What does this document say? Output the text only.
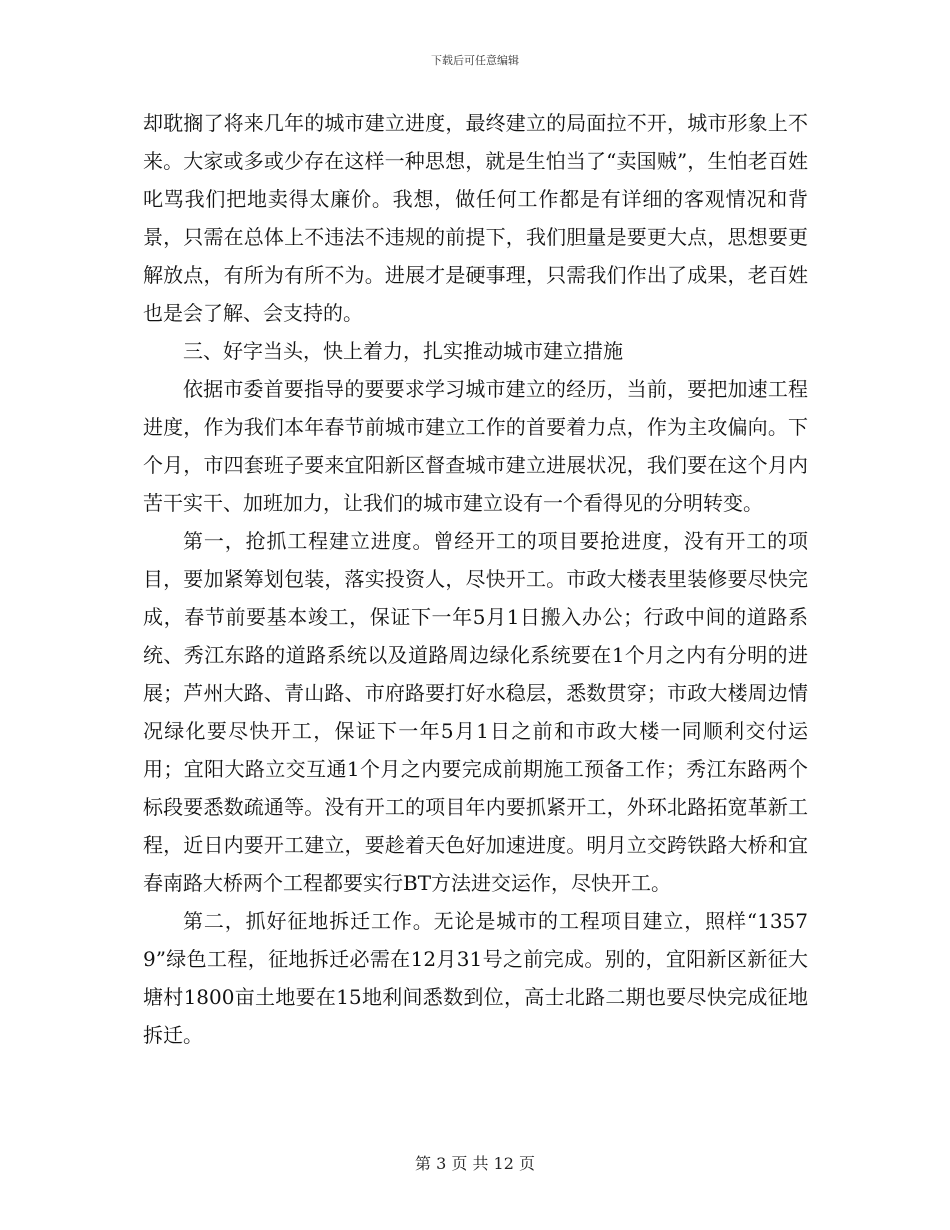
下载后可任意编辑

却耽搁了将来几年的城市建立进度，最终建立的局面拉不开，城市形象上不来。大家或多或少存在这样一种思想，就是生怕当了“卖国贼”，生怕老百姓叱骂我们把地卖得太廉价。我想，做任何工作都是有详细的客观情况和背景，只需在总体上不违法不违规的前提下，我们胆量是要更大点，思想要更解放点，有所为有所不为。进展才是硬事理，只需我们作出了成果，老百姓也是会了解、会支持的。

三、好字当头，快上着力，扎实推动城市建立措施

依据市委首要指导的要要求学习城市建立的经历，当前，要把加速工程进度，作为我们本年春节前城市建立工作的首要着力点，作为主攻偏向。下个月，市四套班子要来宜阳新区督查城市建立进展状况，我们要在这个月内苦干实干、加班加力，让我们的城市建立设有一个看得见的分明转变。

第一，抢抓工程建立进度。曾经开工的项目要抢进度，没有开工的项目，要加紧筹划包装，落实投资人，尽快开工。市政大楼表里装修要尽快完成，春节前要基本竣工，保证下一年5月1日搬入办公；行政中间的道路系统、秀江东路的道路系统以及道路周边绿化系统要在1个月之内有分明的进展；芦州大路、青山路、市府路要打好水稳层，悉数贯穿；市政大楼周边情况绿化要尽快开工，保证下一年5月1日之前和市政大楼一同顺利交付运用；宜阳大路立交互通1个月之内要完成前期施工预备工作；秀江东路两个标段要悉数疏通等。没有开工的项目年内要抓紧开工，外环北路拓宽革新工程，近日内要开工建立，要趁着天色好加速进度。明月立交跨铁路大桥和宜春南路大桥两个工程都要实行BT方法进交运作，尽快开工。

第二，抓好征地拆迁工作。无论是城市的工程项目建立，照样“13579”绿色工程，征地拆迁必需在12月31号之前完成。别的，宜阳新区新征大塘村1800亩土地要在15地利间悉数到位，高士北路二期也要尽快完成征地拆迁。

第 3 页 共 12 页
